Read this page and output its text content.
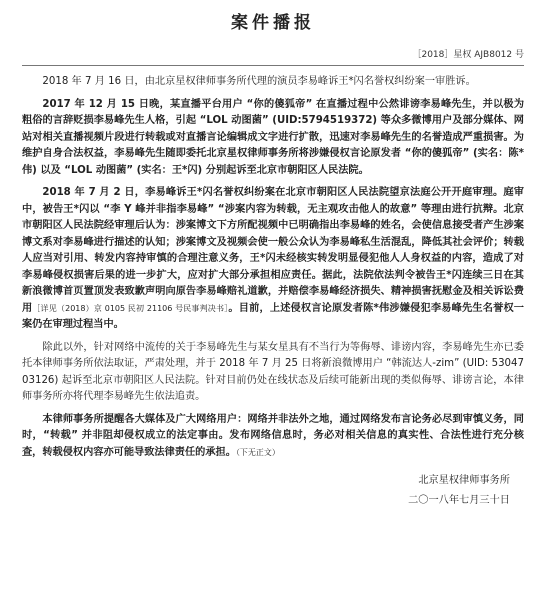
案件播报
［2018］星权 AJB8012 号

2018 年 7 月 16 日，由北京星权律师事务所代理的演员李易峰诉王*闪名誉权纠纷案一审胜诉。

2017 年 12 月 15 日晚，某直播平台用户 “你的傻狐帝” 在直播过程中公然诽谤李易峰先生，并以极为粗俗的言辞贬损李易峰先生人格，引起 “LOL 动图菌” (UID:5794519372) 等众多微博用户及部分媒体、网站对相关直播视频片段进行转载或对直播言论编辑成文字进行扩散，迅速对李易峰先生的名誉造成严重损害。为维护自身合法权益，李易峰先生随即委托北京星权律师事务所将涉嫌侵权言论原发者 “你的傻狐帝” (实名：陈*伟) 以及 “LOL 动图菌” (实名：王*闪) 分别起诉至北京市朝阳区人民法院。

2018 年 7 月 2 日，李易峰诉王*闪名誉权纠纷案在北京市朝阳区人民法院望京法庭公开开庭审理。庭审中，被告王*闪以 “李 Y 峰并非指李易峰” “涉案内容为转载，无主观攻击他人的故意” 等理由进行抗辩。北京市朝阳区人民法院经审理后认为：涉案博文下方所配视频中已明确指出李易峰的姓名，会使信息接受者产生涉案博文系对李易峰进行描述的认知；涉案博文及视频会使一般公众认为李易峰私生活混乱，降低其社会评价；转载人应当对引用、转发内容持审慎的合理注意义务，王*闪未经核实转发明显侵犯他人人身权益的内容，造成了对李易峰侵权损害后果的进一步扩大，应对扩大部分承担相应责任。据此，法院依法判令被告王*闪连续三日在其新浪微博首页置顶发表致歉声明向原告李易峰赔礼道歉，并赔偿李易峰经济损失、精神损害抚慰金及相关诉讼费用［详见（2018）京 0105 民初 21106 号民事判决书］。目前，上述侵权言论原发者陈*伟涉嫌侵犯李易峰先生名誉权一案仍在审理过程当中。

除此以外，针对网络中流传的关于李易峰先生与某女星具有不当行为等侮辱、诽谤内容，李易峰先生亦已委托本律师事务所依法取证，严肃处理，并于 2018 年 7 月 25 日将新浪微博用户 “韩流达人-zim” (UID: 5304703126) 起诉至北京市朝阳区人民法院。针对目前仍处在线状态及后续可能新出现的类似侮辱、诽谤言论，本律师事务所亦将代理李易峰先生依法追责。

本律师事务所提醒各大媒体及广大网络用户：网络并非法外之地，通过网络发布言论务必尽到审慎义务，同时，“转载” 并非阻却侵权成立的法定事由。发布网络信息时，务必对相关信息的真实性、合法性进行充分核查，转载侵权内容亦可能导致法律责任的承担。（下无正文）

北京星权律师事务所
二〇一八年七月三十日
